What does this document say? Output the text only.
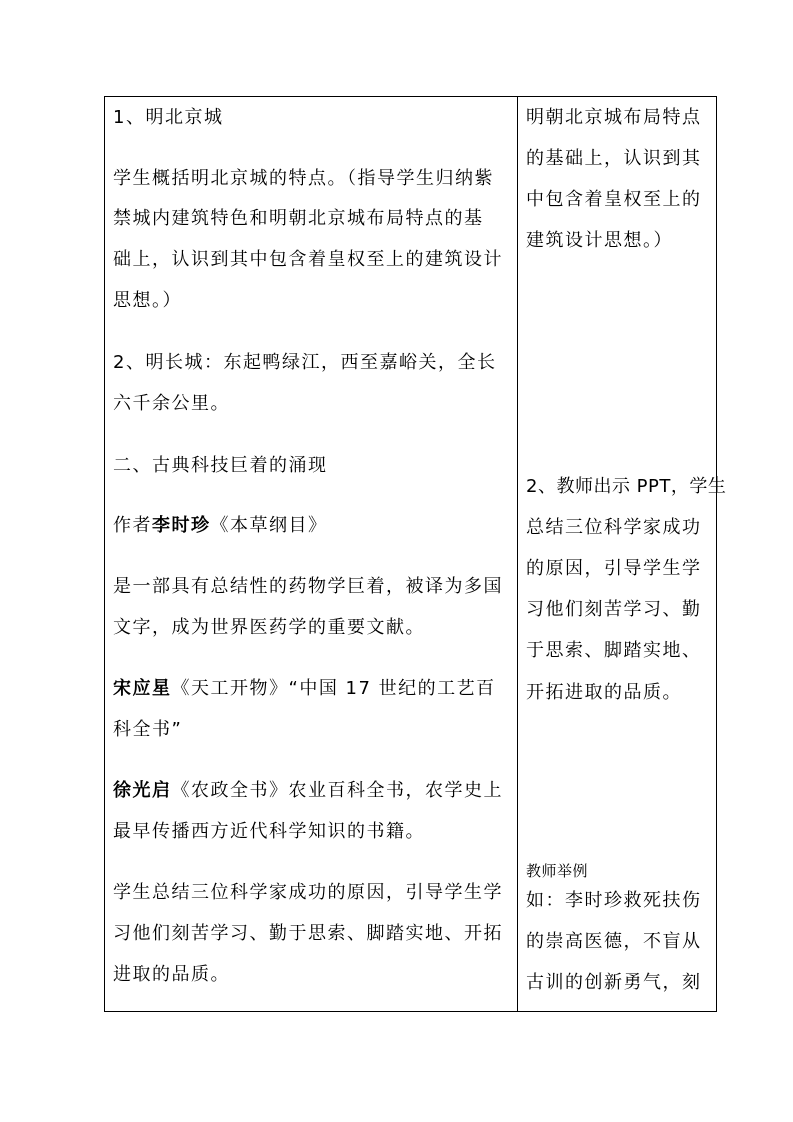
1、明北京城

学生概括明北京城的特点。（指导学生归纳紫

禁城内建筑特色和明朝北京城布局特点的基

础上，认识到其中包含着皇权至上的建筑设计

思想。）

2、明长城：东起鸭绿江，西至嘉峪关，全长

六千余公里。

二、古典科技巨着的涌现

作者李时珍《本草纲目》

是一部具有总结性的药物学巨着，被译为多国

文字，成为世界医药学的重要文献。

宋应星《天工开物》“中国 17 世纪的工艺百

科全书”

徐光启《农政全书》农业百科全书，农学史上

最早传播西方近代科学知识的书籍。

学生总结三位科学家成功的原因，引导学生学

习他们刻苦学习、勤于思索、脚踏实地、开拓

进取的品质。

明朝北京城布局特点

的基础上，认识到其

中包含着皇权至上的

建筑设计思想。）

2、教师出示 PPT，学生

总结三位科学家成功

的原因，引导学生学

习他们刻苦学习、勤

于思索、脚踏实地、

开拓进取的品质。

教师举例

如：李时珍救死扶伤

的崇高医德，不盲从

古训的创新勇气，刻
